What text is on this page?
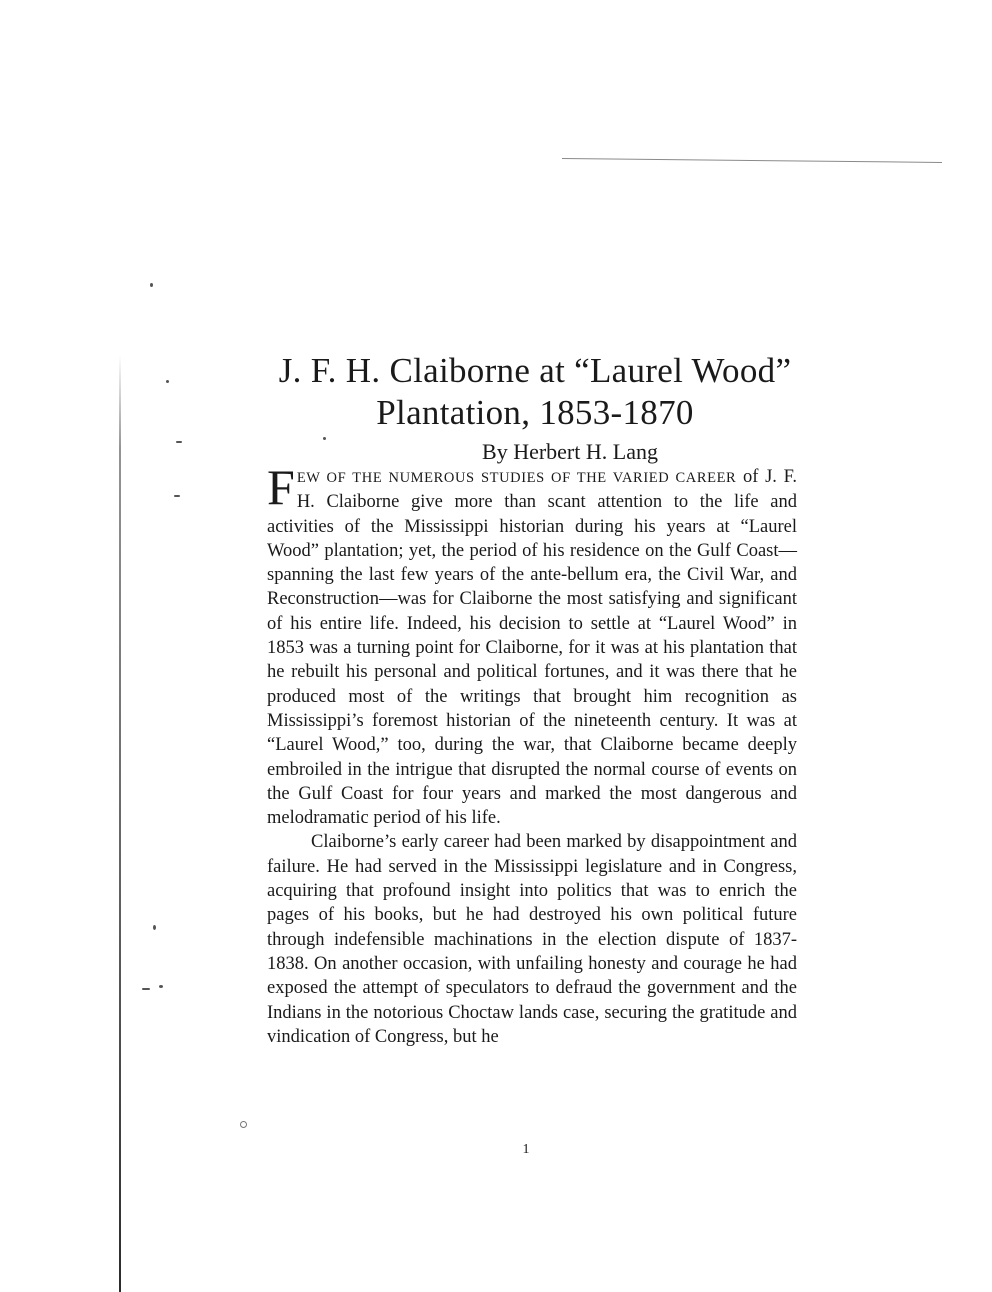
J. F. H. Claiborne at “Laurel Wood”
Plantation, 1853-1870
By Herbert H. Lang

FEW OF THE NUMEROUS STUDIES OF THE VARIED CAREER of J. F. H. Claiborne give more than scant attention to the life and activities of the Mississippi historian during his years at “Laurel Wood” plantation; yet, the period of his residence on the Gulf Coast—spanning the last few years of the ante-bellum era, the Civil War, and Reconstruction—was for Claiborne the most satisfying and significant of his entire life. Indeed, his decision to settle at “Laurel Wood” in 1853 was a turning point for Claiborne, for it was at his plantation that he rebuilt his personal and political fortunes, and it was there that he produced most of the writings that brought him recognition as Mississippi’s foremost historian of the nineteenth century. It was at “Laurel Wood,” too, during the war, that Claiborne became deeply embroiled in the intrigue that disrupted the normal course of events on the Gulf Coast for four years and marked the most dangerous and melodramatic period of his life.

Claiborne’s early career had been marked by disappointment and failure. He had served in the Mississippi legislature and in Congress, acquiring that profound insight into politics that was to enrich the pages of his books, but he had destroyed his own political future through indefensible machinations in the election dispute of 1837-1838. On another occasion, with unfailing honesty and courage he had exposed the attempt of speculators to defraud the government and the Indians in the notorious Choctaw lands case, securing the gratitude and vindication of Congress, but he

1
